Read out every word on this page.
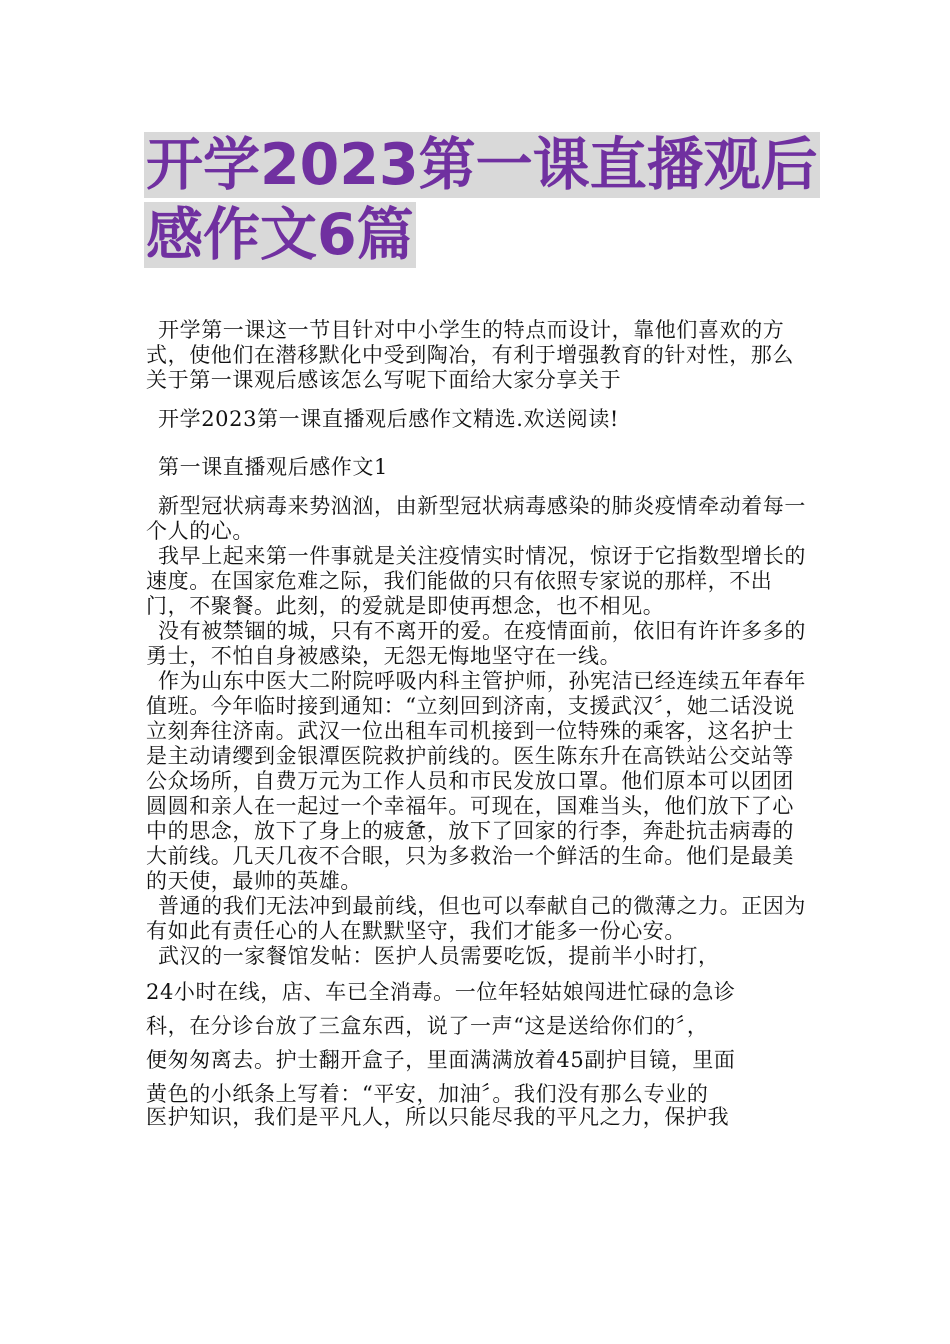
开学2023第一课直播观后
感作文6篇

开学第一课这一节目针对中小学生的特点而设计，靠他们喜欢的方式，使他们在潜移默化中受到陶冶，有利于增强教育的针对性，那么关于第一课观后感该怎么写呢下面给大家分享关于

开学2023第一课直播观后感作文精选.欢送阅读!

第一课直播观后感作文1

新型冠状病毒来势汹汹，由新型冠状病毒感染的肺炎疫情牵动着每一个人的心。

我早上起来第一件事就是关注疫情实时情况，惊讶于它指数型增长的速度。在国家危难之际，我们能做的只有依照专家说的那样，不出门，不聚餐。此刻，的爱就是即使再想念，也不相见。

没有被禁锢的城，只有不离开的爱。在疫情面前，依旧有许许多多的勇士，不怕自身被感染，无怨无悔地坚守在一线。

作为山东中医大二附院呼吸内科主管护师，孙宪洁已经连续五年春年值班。今年临时接到通知：“立刻回到济南，支援武汉〞，她二话没说立刻奔往济南。武汉一位出租车司机接到一位特殊的乘客，这名护士是主动请缨到金银潭医院救护前线的。医生陈东升在高铁站公交站等公众场所，自费万元为工作人员和市民发放口罩。他们原本可以团团圆圆和亲人在一起过一个幸福年。可现在，国难当头，他们放下了心中的思念，放下了身上的疲惫，放下了回家的行李，奔赴抗击病毒的大前线。几天几夜不合眼，只为多救治一个鲜活的生命。他们是最美的天使，最帅的英雄。

普通的我们无法冲到最前线，但也可以奉献自己的微薄之力。正因为有如此有责任心的人在默默坚守，我们才能多一份心安。

武汉的一家餐馆发帖：医护人员需要吃饭，提前半小时打，

24小时在线，店、车已全消毒。一位年轻姑娘闯进忙碌的急诊

科，在分诊台放了三盒东西，说了一声“这是送给你们的〞，

便匆匆离去。护士翻开盒子，里面满满放着45副护目镜，里面

黄色的小纸条上写着：“平安，加油〞。我们没有那么专业的

医护知识，我们是平凡人，所以只能尽我的平凡之力，保护我
